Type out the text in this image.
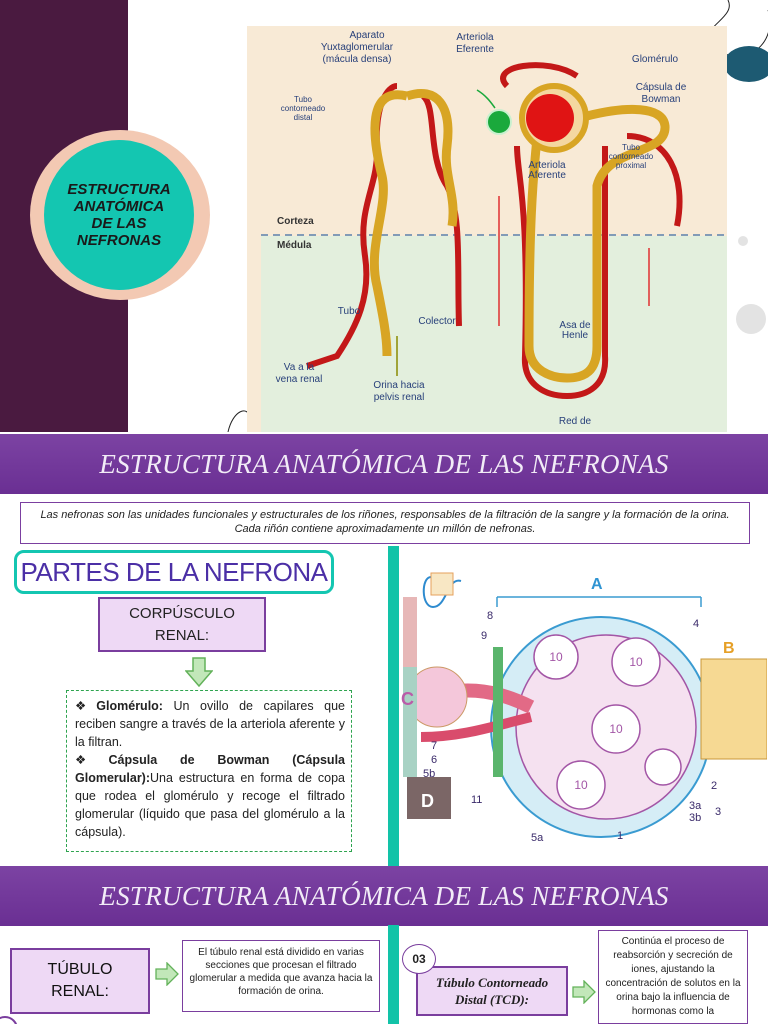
ESTRUCTURA ANATÓMICA DE LAS NEFRONAS
Aparato
Yuxtaglomerular
(mácula densa)
Arteriola
Eferente
Glomérulo
Cápsula de
Bowman
Arteriola
Aferente
Tubo
Colector	Asa de
Henle
Va a la
vena renal
Orina hacia
pelvis renal
Red de
Tubo
contorneado
distal
Tubo
contorneado
proximal
Corteza
Médula
ESTRUCTURA ANATÓMICA DE LAS NEFRONAS
Las nefronas son las unidades funcionales y estructurales de los riñones, responsables de la filtración de la sangre y la formación de la orina. Cada riñón contiene aproximadamente un millón de nefronas.
PARTES DE LA NEFRONA
CORPÚSCULO
RENAL:

❖ Glomérulo: Un ovillo de capilares que reciben sangre a través de la arteriola aferente y la filtran.

❖ Cápsula de Bowman (Cápsula Glomerular):Una estructura en forma de copa que rodea el glomérulo y recoge el filtrado glomerular (líquido que pasa del glomérulo a la cápsula).

A
B
C
D
10	10
10
10
8
9
4
7
6
5b
11
2
3a
3b 3
5a	1
ESTRUCTURA ANATÓMICA DE LAS NEFRONAS
TÚBULO
RENAL:
El túbulo renal está dividido en varias secciones que procesan el filtrado glomerular a medida que avanza hacia la formación de orina.
Túbulo Contorneado
Distal (TCD):
03
Continúa el proceso de reabsorción y secreción de iones, ajustando la concentración de solutos en la orina bajo la influencia de hormonas como la
